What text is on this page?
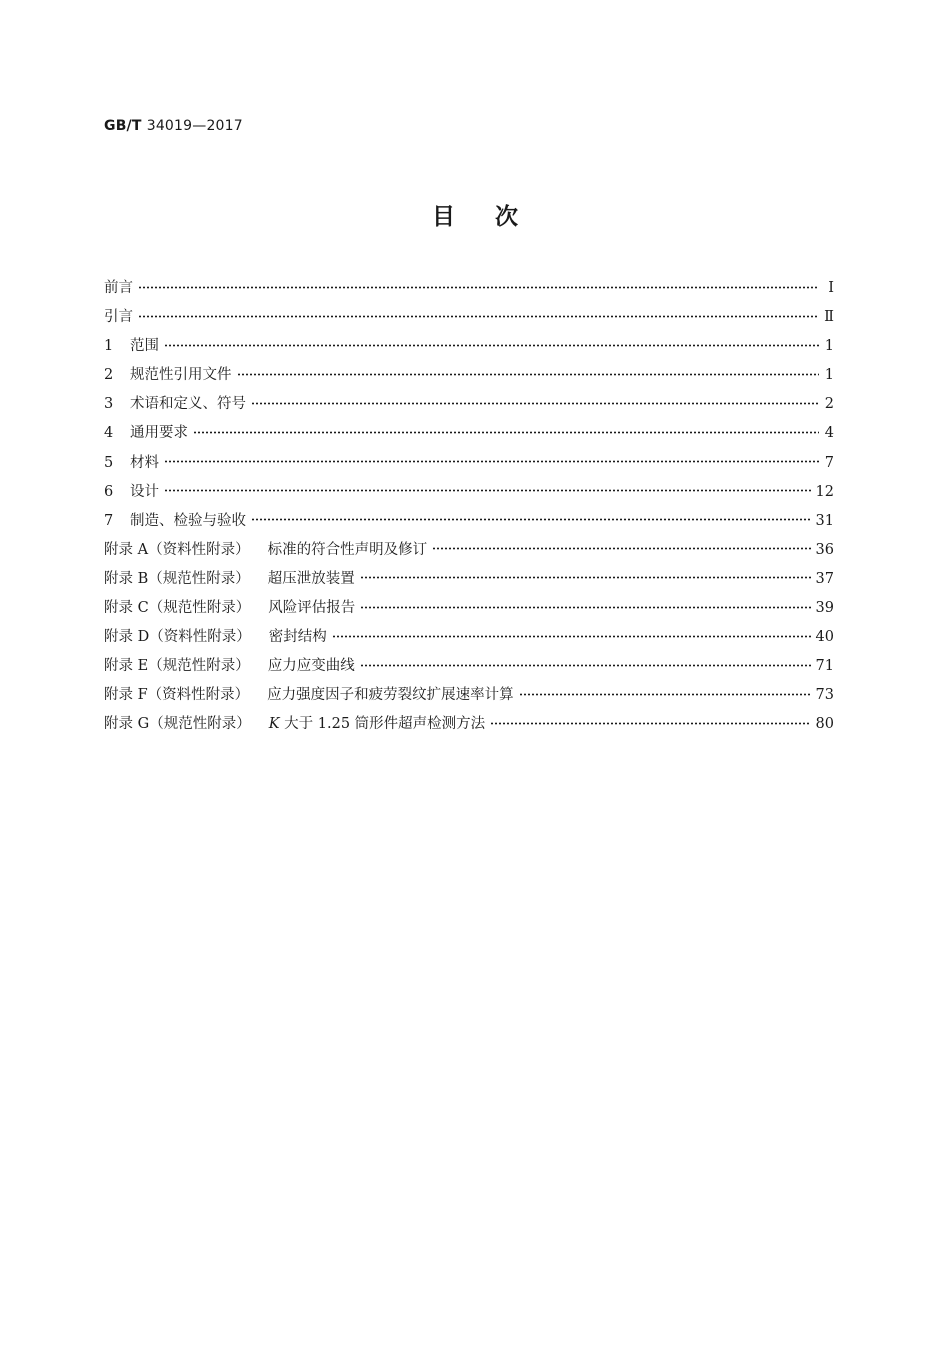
GB/T 34019—2017
目次
前言	Ⅰ
引言	Ⅱ
1	范围	1
2	规范性引用文件	1
3	术语和定义、符号	2
4	通用要求	4
5	材料	7
6	设计	12
7	制造、检验与验收	31
附录 A（资料性附录） 标准的符合性声明及修订	36
附录 B（规范性附录） 超压泄放装置	37
附录 C（规范性附录） 风险评估报告	39
附录 D（资料性附录） 密封结构	40
附录 E（规范性附录） 应力应变曲线	71
附录 F（资料性附录） 应力强度因子和疲劳裂纹扩展速率计算	73
附录 G（规范性附录） K 大于 1.25 筒形件超声检测方法	80
